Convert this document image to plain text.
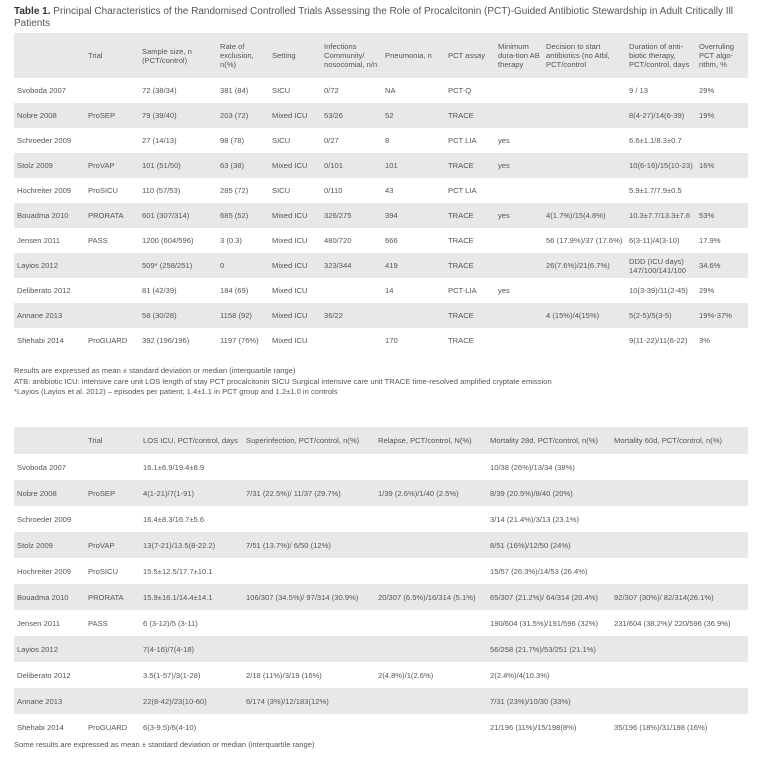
Table 1. Principal Characteristics of the Randomised Controlled Trials Assessing the Role of Procalcitonin (PCT)-Guided Antibiotic Stewardship in Adult Critically Ill Patients
	Trial	Sample size, n (PCT/control)	Rate of exclusion, n(%)	Setting	Infections Community/ nosocomial, n/n	Pneumonia, n	PCT assay	Minimum dura-tion AB therapy	Decision to start antibiotics (no Atbl, PCT/control	Duration of anti-biotic therapy, PCT/control, days	Overruling PCT algo-rithm, %
Svoboda 2007		72 (38/34)	381 (84)	SICU	0/72	NA	PCT-Q			9 / 13	29%
Nobre 2008	ProSEP	79 (39/40)	203 (72)	Mixed ICU	53/26	52	TRACE			8(4-27)/14(6-39)	19%
Schroeder 2009		27 (14/13)	98 (78)	SICU	0/27	8	PCT LIA	yes		6.6±1.1/8.3±0.7	
Stolz 2009	ProVAP	101 (51/50)	63 (38)	Mixed ICU	0/101	101	TRACE	yes		10(6-16)/15(10-23)	16%
Hochreiter 2009	ProSICU	110 (57/53)	285 (72)	SICU	0/110	43	PCT LIA			5.9±1.7/7.9±0.5	
Bouadma 2010	PRORATA	601 (307/314)	685 (52)	Mixed ICU	326/275	394	TRACE	yes	4(1.7%)/15(4.8%)	10.3±7.7/13.3±7.6	53%
Jensen 2011	PASS	1200 (604/596)	3 (0.3)	Mixed ICU	480/720	666	TRACE		56 (17.9%)/37 (17.6%)	6(3-11)/4(3-10)	17.9%
Layios 2012		509* (258/251)	0	Mixed ICU	323/344	419	TRACE		26(7.6%)/21(6.7%)	DDD (ICU days) 147/100/141/100	34.6%
Deliberato 2012		81 (42/39)	184 (69)	Mixed ICU		14	PCT-LIA	yes		10(3-39)/11(2-45)	29%
Annane 2013		58 (30/28)	1158 (92)	Mixed ICU	36/22		TRACE		4 (15%)/4(15%)	5(2-5)/5(3-5)	19%-37%
Shehabi 2014	ProGUARD	392 (196/196)	1197 (76%)	Mixed ICU		170	TRACE			9(11-22)/11(6-22)	3%
Results are expressed as mean ± standard deviation or median (interquartile range)
ATB: antibiotic ICU: intensive care unit LOS length of stay PCT procalcitonin SICU Surgical intensive care unit TRACE time-resolved amplified cryptate emission
*Layios (Layios et al. 2012) – episodes per patient; 1.4±1.1 in PCT group and 1.2±1.0 in controls
	Trial	LOS ICU, PCT/control, days	Superinfection, PCT/control, n(%)	Relapse, PCT/control, N(%)	Mortality 28d, PCT/control, n(%)	Mortality 60d, PCT/control, n(%)
Svoboda 2007		16.1±6.9/19.4±8.9			10/38 (26%)/13/34 (38%)	
Nobre 2008	ProSEP	4(1-21)/7(1-91)	7/31 (22.5%)/ 11/37 (29.7%)	1/39 (2.6%)/1/40 (2.5%)	8/39 (20.5%)/8/40 (20%)	
Schroeder 2009		16.4±8.3/16.7±5.6			3/14 (21.4%)/3/13 (23.1%)	
Stolz 2009	ProVAP	13(7-21)/13.5(8-22.2)	7/51 (13.7%)/ 6/50 (12%)		8/51 (16%)/12/50 (24%)	
Hochreiter 2009	ProSICU	15.5±12.5/17.7±10.1			15/57 (26.3%)/14/53 (26.4%)	
Bouadma 2010	PRORATA	15.9±16.1/14.4±14.1	106/307 (34.5%)/ 97/314 (30.9%)	20/307 (6.5%)/16/314 (5.1%)	65/307 (21.2%)/ 64/314 (20.4%)	92/307 (30%)/ 82/314(26.1%)
Jensen 2011	PASS	6 (3-12)/5 (3-11)			190/604 (31.5%)/191/596 (32%)	231/604 (38.2%)/ 220/596 (36.9%)
Layios 2012		7(4-16)/7(4-18)			56/258 (21.7%)/53/251 (21.1%)	
Deliberato 2012		3.5(1-57)/3(1-28)	2/18 (11%)/3/19 (16%)	2(4.8%)/1(2.6%)	2(2.4%)/4(10.3%)	
Annane 2013		22(8-42)/23(10-60)	6/174 (3%)/12/183(12%)		7/31 (23%)/10/30 (33%)	
Shehabi 2014	ProGUARD	6(3-9.5)/6(4-10)			21/196 (11%)/15/198(8%)	35/196 (18%)/31/198 (16%)
Some results are expressed as mean ± standard deviation or median (interquartile range)
